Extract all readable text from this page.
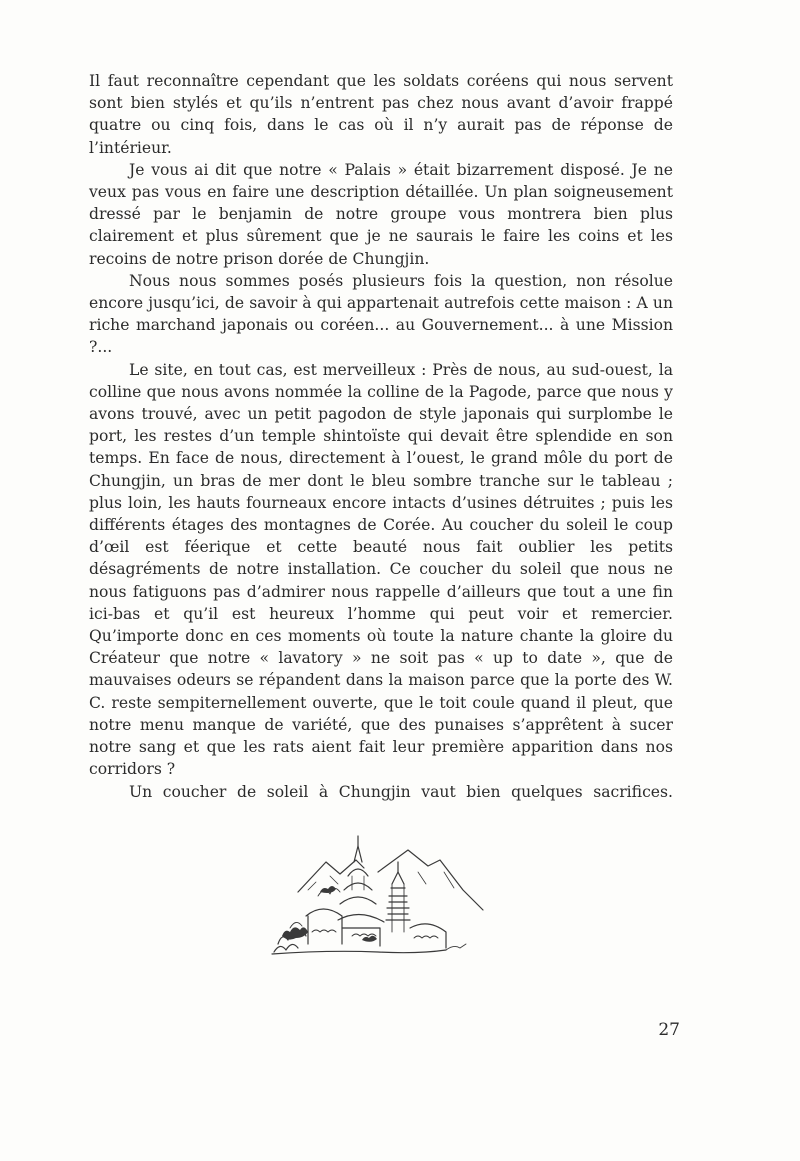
Il faut reconnaître cependant que les soldats coréens qui nous servent sont bien stylés et qu’ils n’entrent pas chez nous avant d’avoir frappé quatre ou cinq fois, dans le cas où il n’y aurait pas de réponse de l’intérieur.

Je vous ai dit que notre « Palais » était bizarrement disposé. Je ne veux pas vous en faire une description détaillée. Un plan soigneusement dressé par le benjamin de notre groupe vous montrera bien plus clairement et plus sûrement que je ne saurais le faire les coins et les recoins de notre prison dorée de Chungjin.

Nous nous sommes posés plusieurs fois la question, non résolue encore jusqu’ici, de savoir à qui appartenait autrefois cette maison : A un riche marchand japonais ou coréen... au Gouvernement... à une Mission ?...

Le site, en tout cas, est merveilleux : Près de nous, au sud-ouest, la colline que nous avons nommée la colline de la Pagode, parce que nous y avons trouvé, avec un petit pagodon de style japonais qui surplombe le port, les restes d’un temple shintoïste qui devait être splendide en son temps. En face de nous, directement à l’ouest, le grand môle du port de Chungjin, un bras de mer dont le bleu sombre tranche sur le tableau ; plus loin, les hauts fourneaux encore intacts d’usines détruites ; puis les différents étages des montagnes de Corée. Au coucher du soleil le coup d’œil est féerique et cette beauté nous fait oublier les petits désagréments de notre installation. Ce coucher du soleil que nous ne nous fatiguons pas d’admirer nous rappelle d’ailleurs que tout a une fin ici-bas et qu’il est heureux l’homme qui peut voir et remercier. Qu’importe donc en ces moments où toute la nature chante la gloire du Créateur que notre « lavatory » ne soit pas « up to date », que de mauvaises odeurs se répandent dans la maison parce que la porte des W. C. reste sempiternellement ouverte, que le toit coule quand il pleut, que notre menu manque de variété, que des punaises s’apprêtent à sucer notre sang et que les rats aient fait leur première apparition dans nos corridors ?

Un coucher de soleil à Chungjin vaut bien quelques sacrifices.

27
